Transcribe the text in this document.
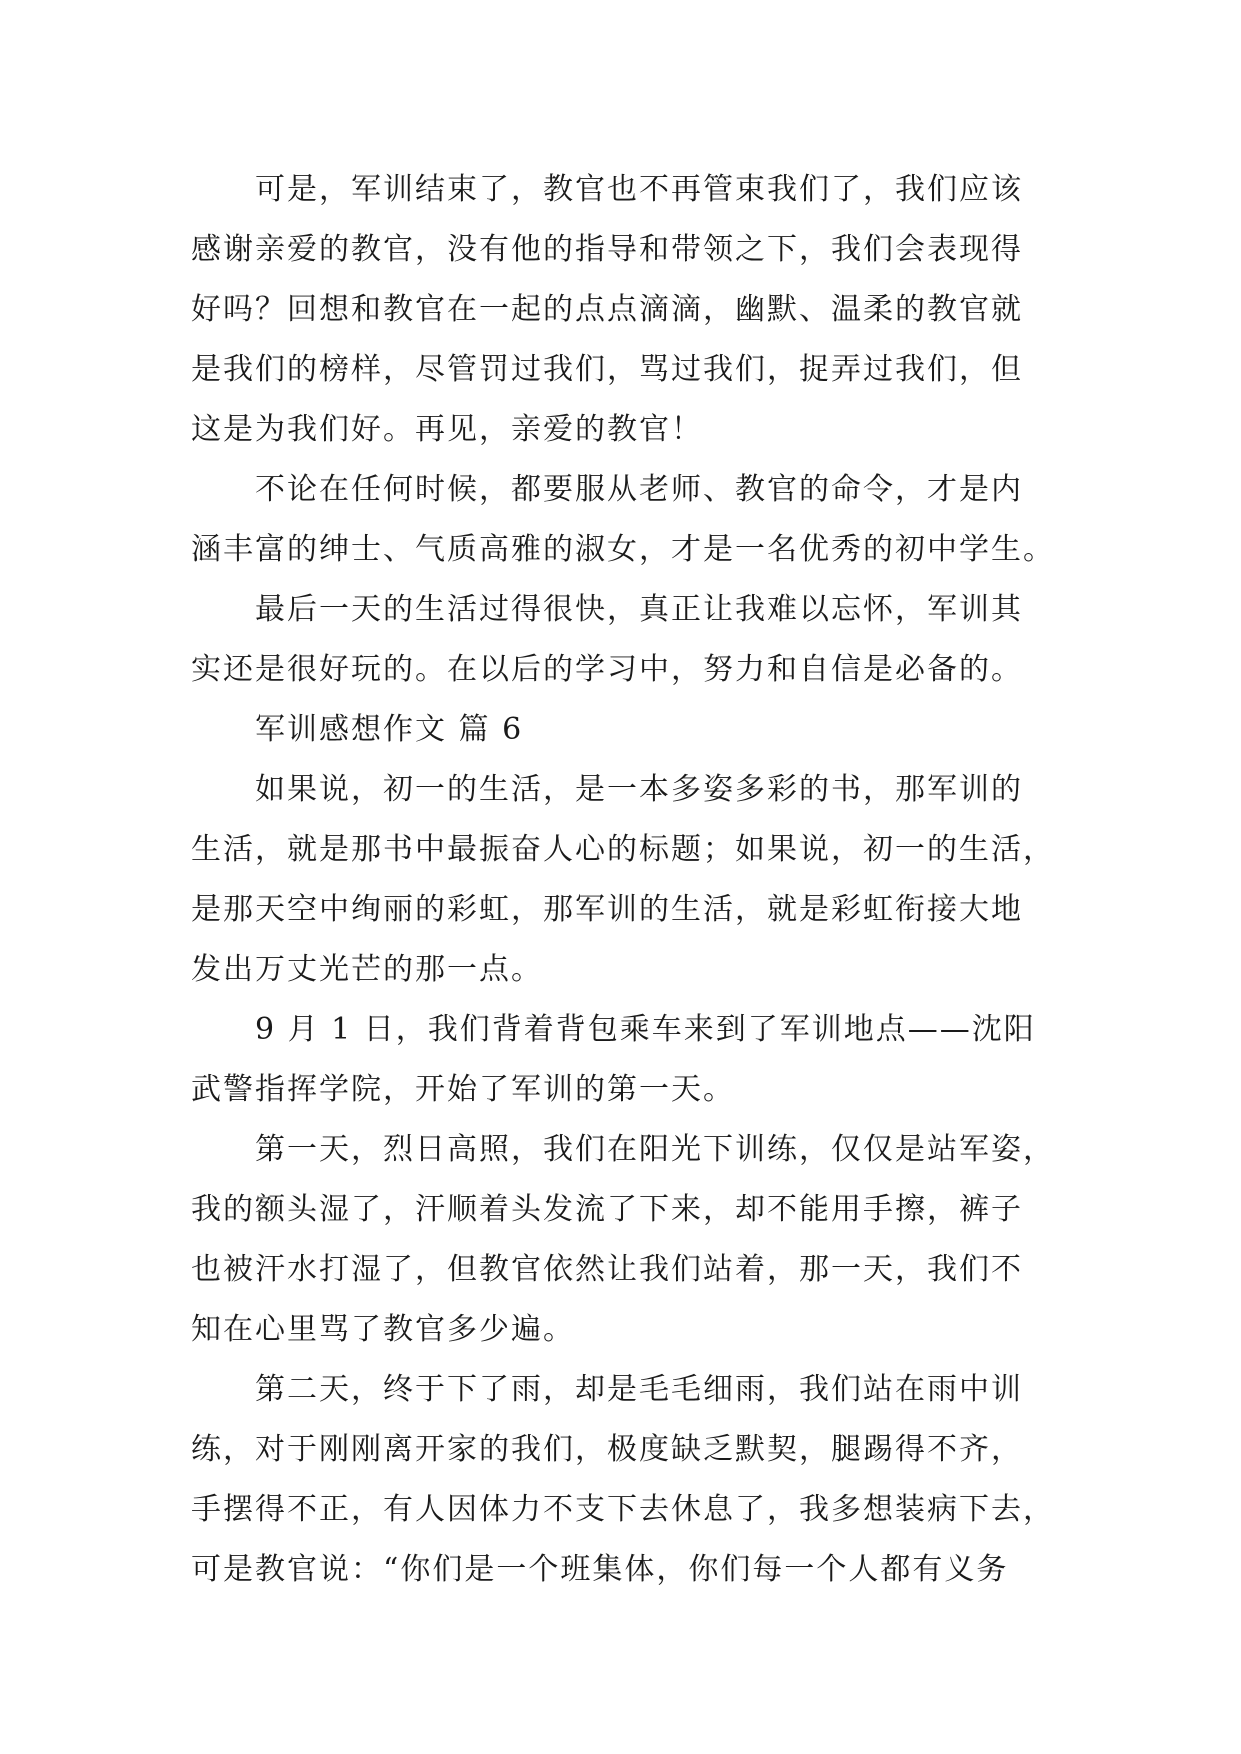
可是，军训结束了，教官也不再管束我们了，我们应该
感谢亲爱的教官，没有他的指导和带领之下，我们会表现得
好吗？回想和教官在一起的点点滴滴，幽默、温柔的教官就
是我们的榜样，尽管罚过我们，骂过我们，捉弄过我们，但
这是为我们好。再见，亲爱的教官！

不论在任何时候，都要服从老师、教官的命令，才是内
涵丰富的绅士、气质高雅的淑女，才是一名优秀的初中学生。

最后一天的生活过得很快，真正让我难以忘怀，军训其
实还是很好玩的。在以后的学习中，努力和自信是必备的。

军训感想作文 篇 6

如果说，初一的生活，是一本多姿多彩的书，那军训的
生活，就是那书中最振奋人心的标题；如果说，初一的生活，
是那天空中绚丽的彩虹，那军训的生活，就是彩虹衔接大地
发出万丈光芒的那一点。

9 月 1 日，我们背着背包乘车来到了军训地点——沈阳
武警指挥学院，开始了军训的第一天。

第一天，烈日高照，我们在阳光下训练，仅仅是站军姿，
我的额头湿了，汗顺着头发流了下来，却不能用手擦，裤子
也被汗水打湿了，但教官依然让我们站着，那一天，我们不
知在心里骂了教官多少遍。

第二天，终于下了雨，却是毛毛细雨，我们站在雨中训
练，对于刚刚离开家的我们，极度缺乏默契，腿踢得不齐，
手摆得不正，有人因体力不支下去休息了，我多想装病下去，
可是教官说：“你们是一个班集体，你们每一个人都有义务
